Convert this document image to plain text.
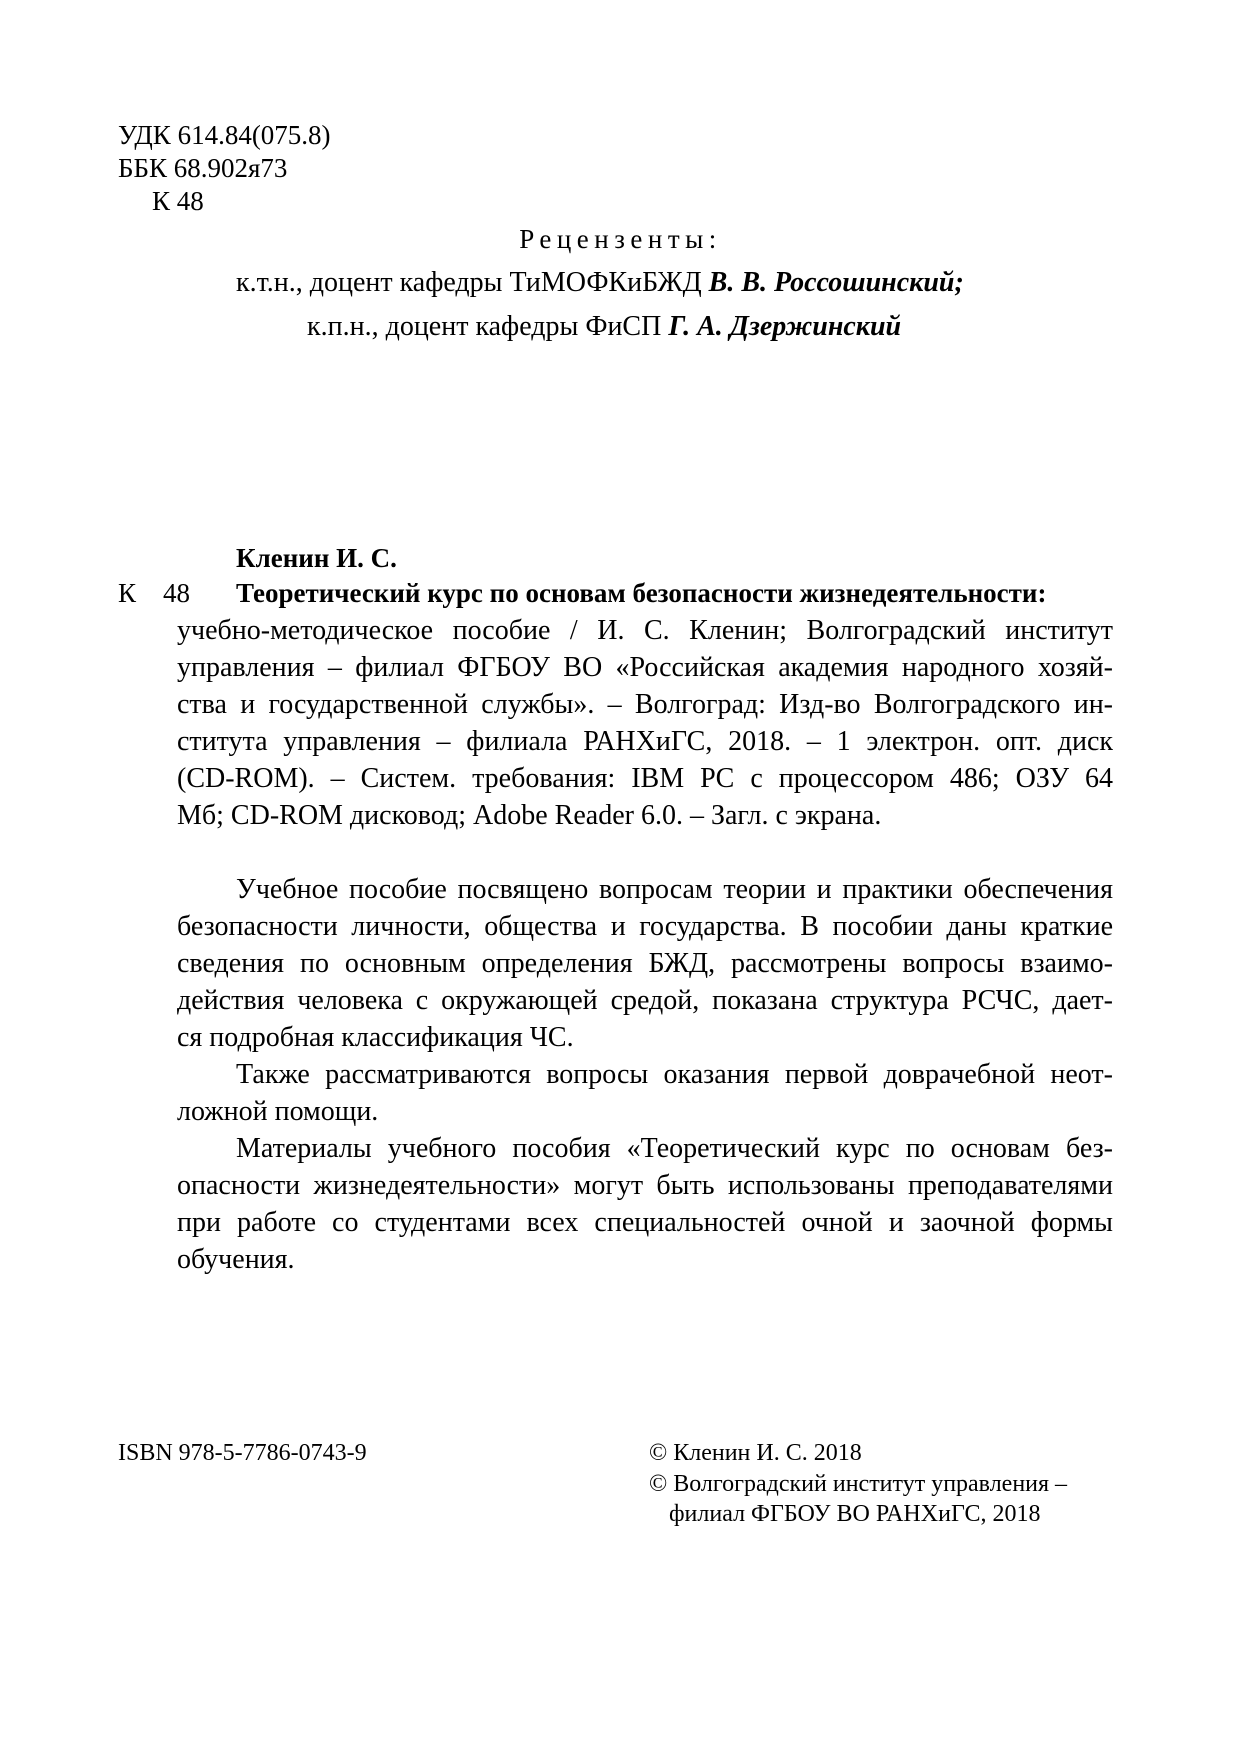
УДК 614.84(075.8)
ББК 68.902я73
К 48
Рецензенты:
к.т.н., доцент кафедры ТиМОФКиБЖД В. В. Россошинский;
к.п.н., доцент кафедры ФиСП Г. А. Дзержинский
Кленин И. С.
К 48 Теоретический курс по основам безопасности жизнедеятельности:
учебно-методическое пособие / И. С. Кленин; Волгоградский институт
управления – филиал ФГБОУ ВО «Российская академия народного хозяй-
ства и государственной службы». – Волгоград: Изд-во Волгоградского ин-
ститута управления – филиала РАНХиГС, 2018. – 1 электрон. опт. диск
(CD-ROM). – Систем. требования: IBM PC с процессором 486; ОЗУ 64
Мб; CD-ROM дисковод; Adobe Reader 6.0. – Загл. с экрана.
Учебное пособие посвящено вопросам теории и практики обеспечения
безопасности личности, общества и государства. В пособии даны краткие
сведения по основным определения БЖД, рассмотрены вопросы взаимо-
действия человека с окружающей средой, показана структура РСЧС, дает-
ся подробная классификация ЧС.
Также рассматриваются вопросы оказания первой доврачебной неот-
ложной помощи.
Материалы учебного пособия «Теоретический курс по основам без-
опасности жизнедеятельности» могут быть использованы преподавателями
при работе со студентами всех специальностей очной и заочной формы
обучения.
ISBN 978-5-7786-0743-9	© Кленин И. С. 2018
© Волгоградский институт управления –
филиал ФГБОУ ВО РАНХиГС, 2018
